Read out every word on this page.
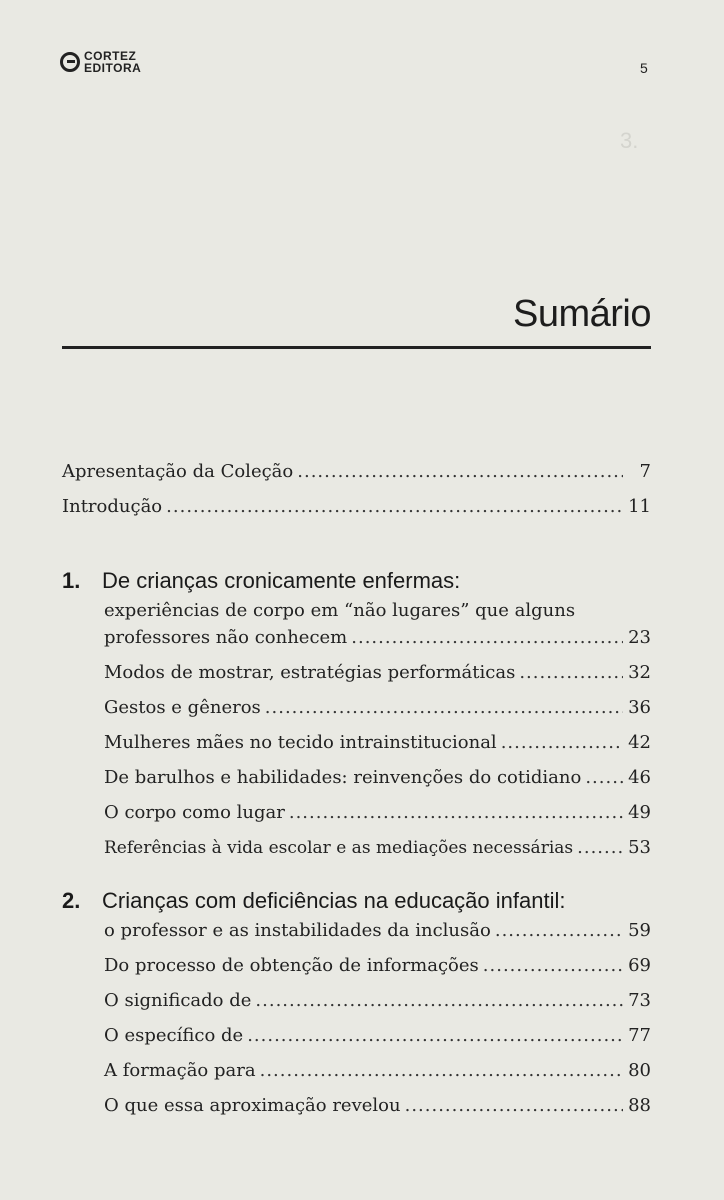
3.
CORTEZ
EDITORA	5
Sumário
Apresentação da Coleção .....	7
Introdução .....	11
1. De crianças cronicamente enfermas:
experiências de corpo em “não lugares” que alguns
professores não conhecem .....	23
Modos de mostrar, estratégias performáticas .....	32
Gestos e gêneros .....	36
Mulheres mães no tecido intrainstitucional .....	42
De barulhos e habilidades: reinvenções do cotidiano .....	46
O corpo como lugar .....	49
Referências à vida escolar e as mediações necessárias .....	53
2. Crianças com deficiências na educação infantil:
o professor e as instabilidades da inclusão .....	59
Do processo de obtenção de informações .....	69
O significado de .....	73
O específico de .....	77
A formação para .....	80
O que essa aproximação revelou .....	88
